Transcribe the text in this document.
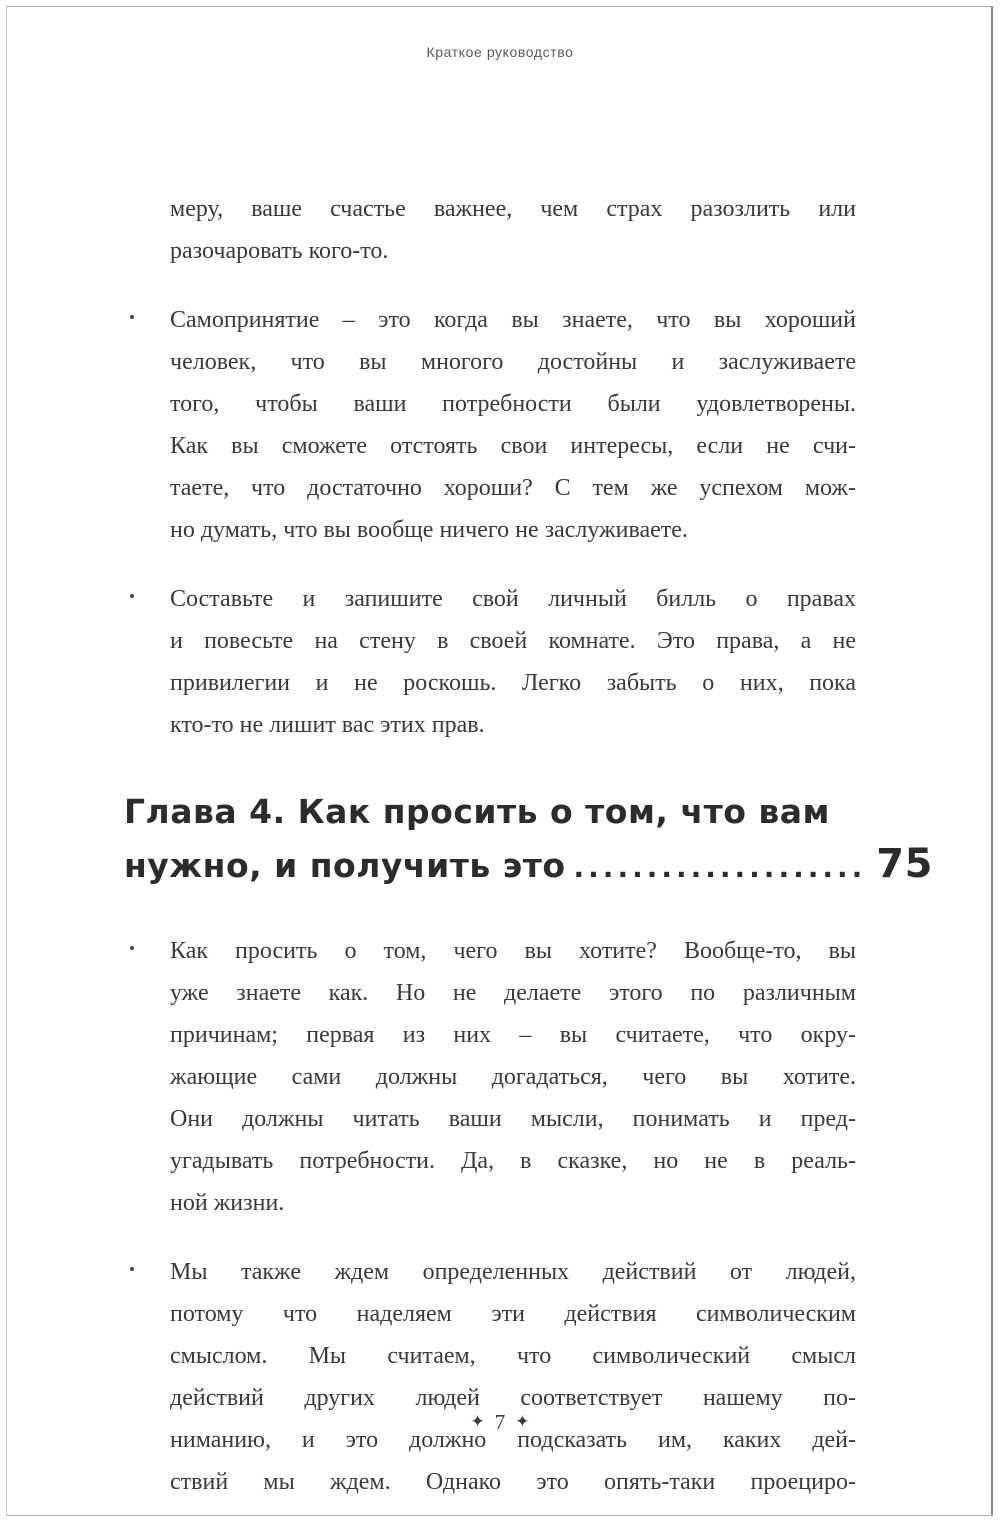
Краткое руководство
меру, ваше счастье важнее, чем страх разозлить или
разочаровать кого-то.
• Самопринятие – это когда вы знаете, что вы хороший
человек, что вы многого достойны и заслуживаете
того, чтобы ваши потребности были удовлетворены.
Как вы сможете отстоять свои интересы, если не счи-
таете, что достаточно хороши? С тем же успехом мож-
но думать, что вы вообще ничего не заслуживаете.
• Составьте и запишите свой личный билль о правах
и повесьте на стену в своей комнате. Это права, а не
привилегии и не роскошь. Легко забыть о них, пока
кто-то не лишит вас этих прав.
Глава 4. Как просить о том, что вам
нужно, и получить это .................... 75
• Как просить о том, чего вы хотите? Вообще-то, вы
уже знаете как. Но не делаете этого по различным
причинам; первая из них – вы считаете, что окру-
жающие сами должны догадаться, чего вы хотите.
Они должны читать ваши мысли, понимать и пред-
угадывать потребности. Да, в сказке, но не в реаль-
ной жизни.
• Мы также ждем определенных действий от людей,
потому что наделяем эти действия символическим
смыслом. Мы считаем, что символический смысл
действий других людей соответствует нашему по-
ниманию, и это должно подсказать им, каких дей-
ствий мы ждем. Однако это опять-таки проециро-
✦ 7 ✦
